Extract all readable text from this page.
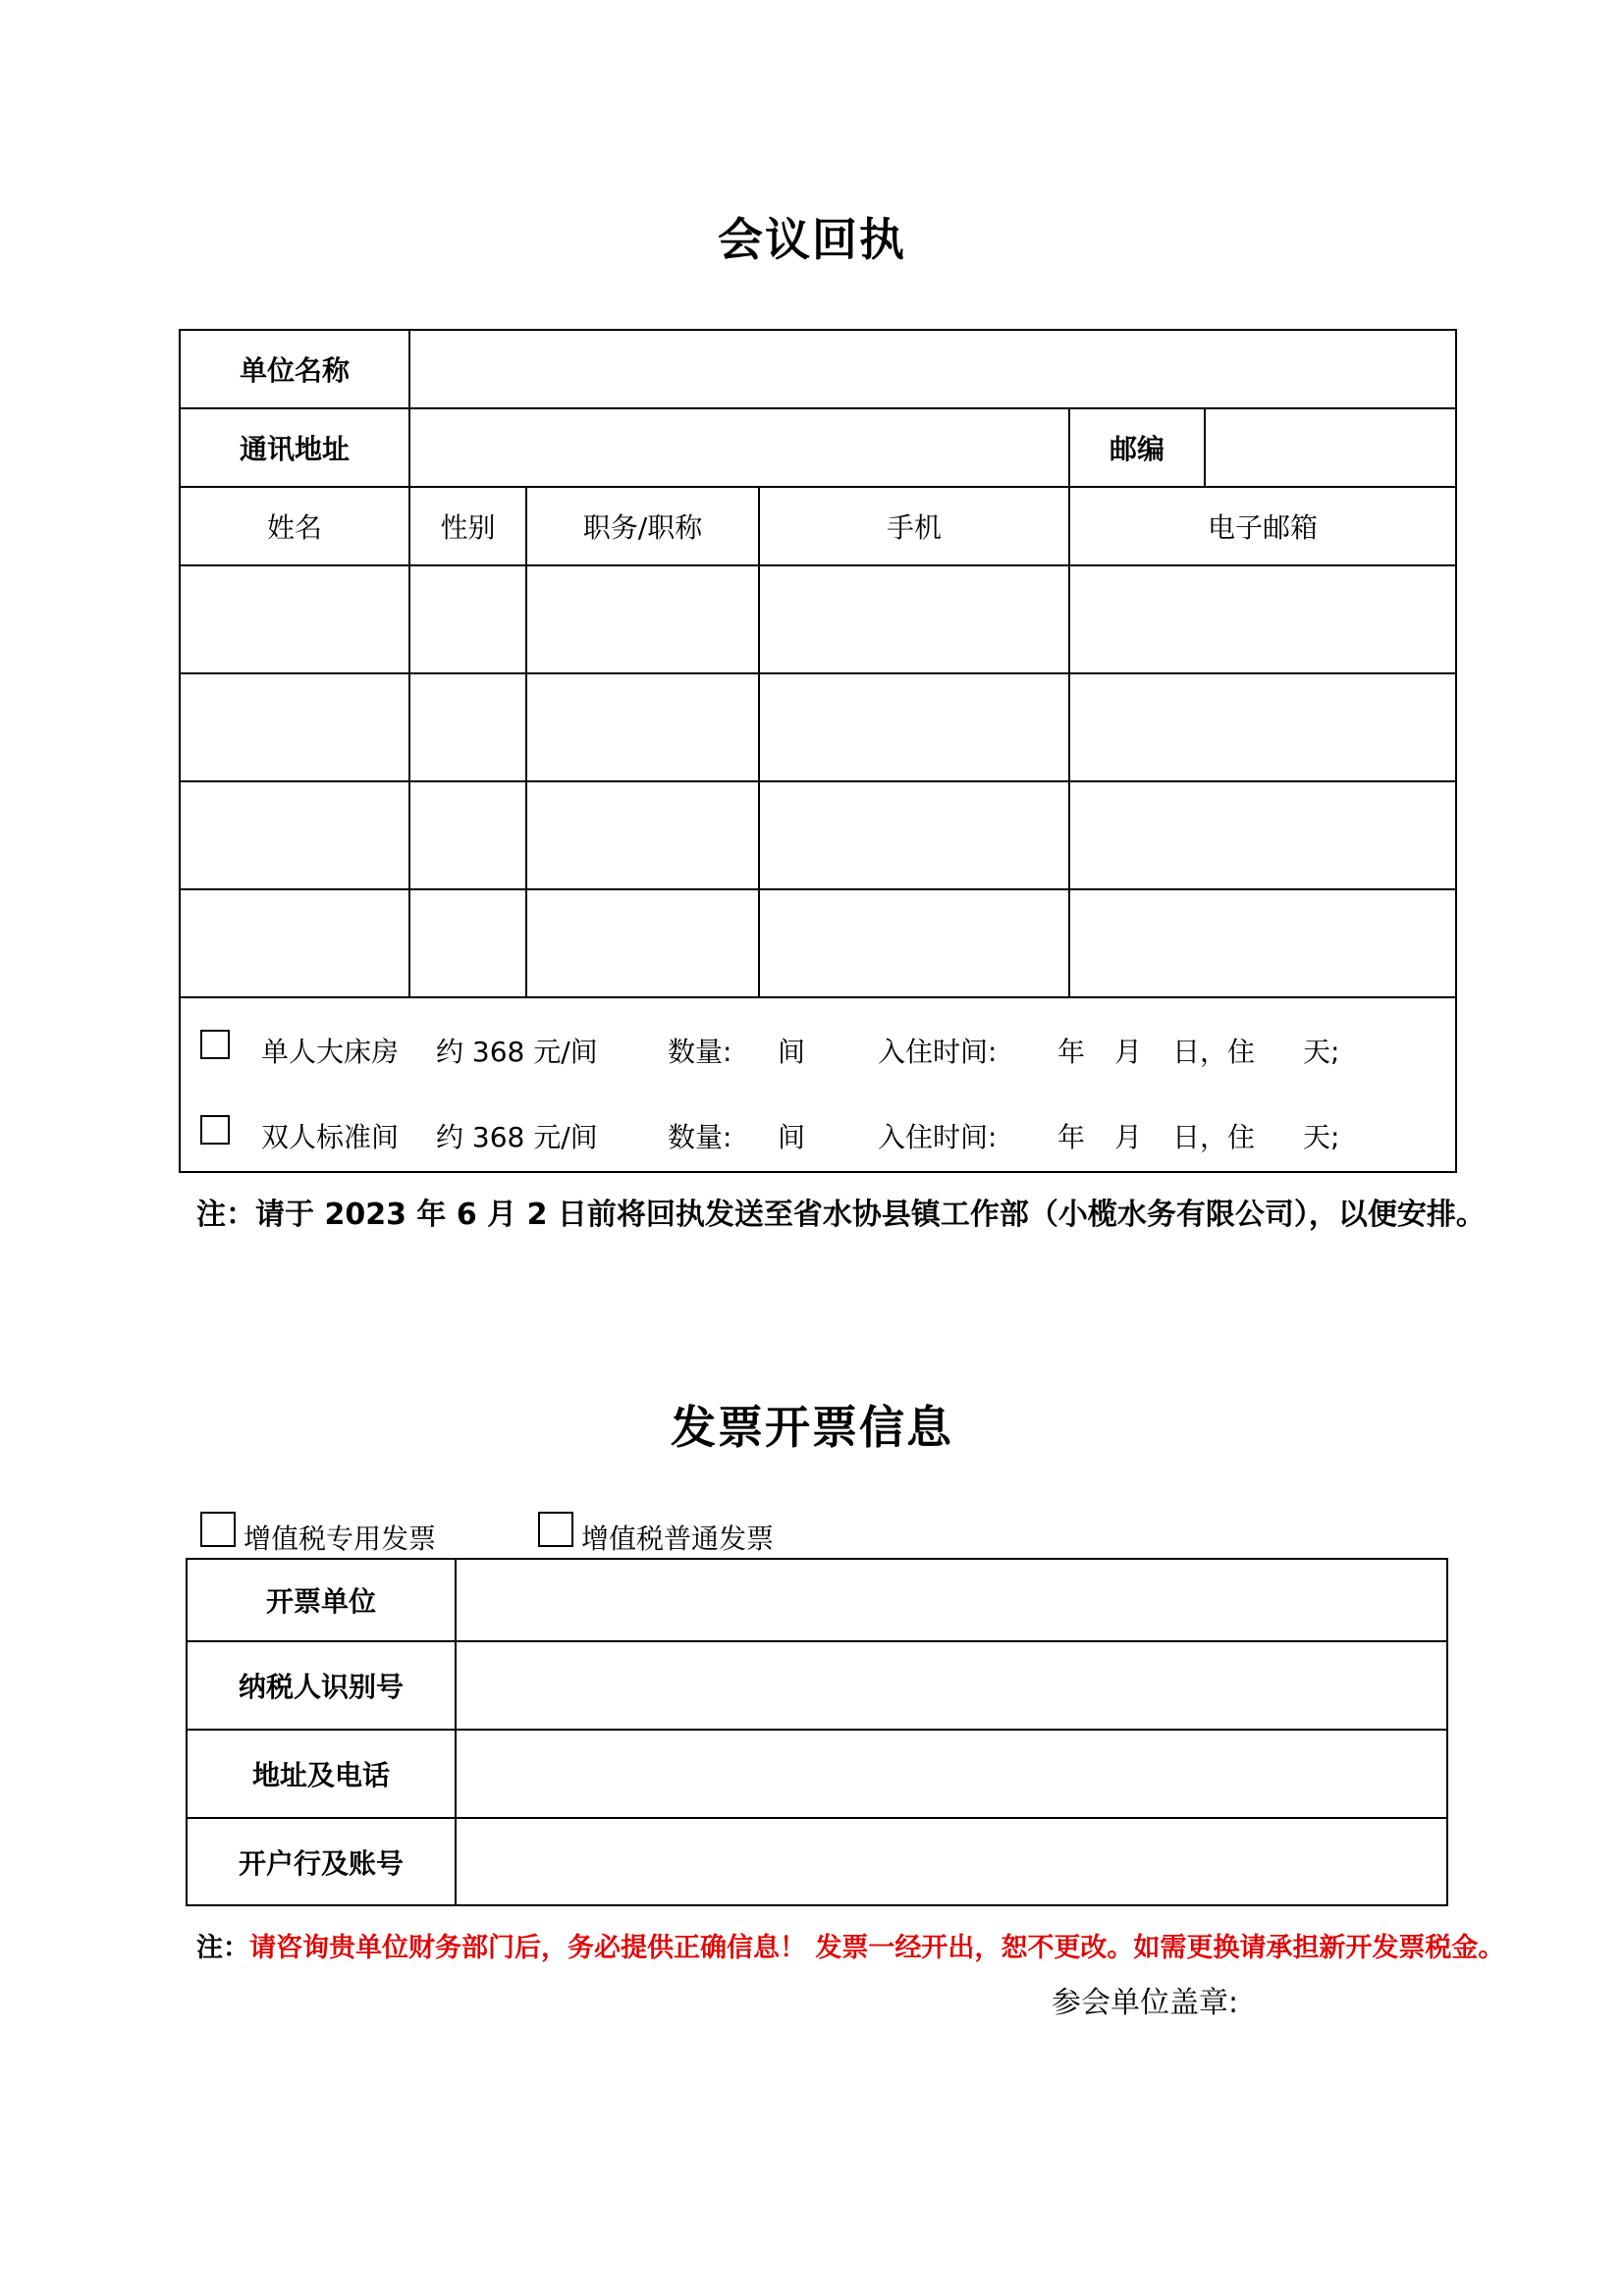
会议回执
单位名称
通讯地址	邮编
姓名	性别	职务/职称	手机	电子邮箱
单人大床房 约 368 元/间	数量: 间	入住时间: 年 月 日，住 天;
双人标准间 约 368 元/间	数量: 间	入住时间: 年 月 日，住 天;
注：请于 2023 年 6 月 2 日前将回执发送至省水协县镇工作部（小榄水务有限公司），以便安排。
发票开票信息
增值税专用发票	增值税普通发票
开票单位
纳税人识别号
地址及电话
开户行及账号
注：请咨询贵单位财务部门后，务必提供正确信息！ 发票一经开出，恕不更改。如需更换请承担新开发票税金。
参会单位盖章:
